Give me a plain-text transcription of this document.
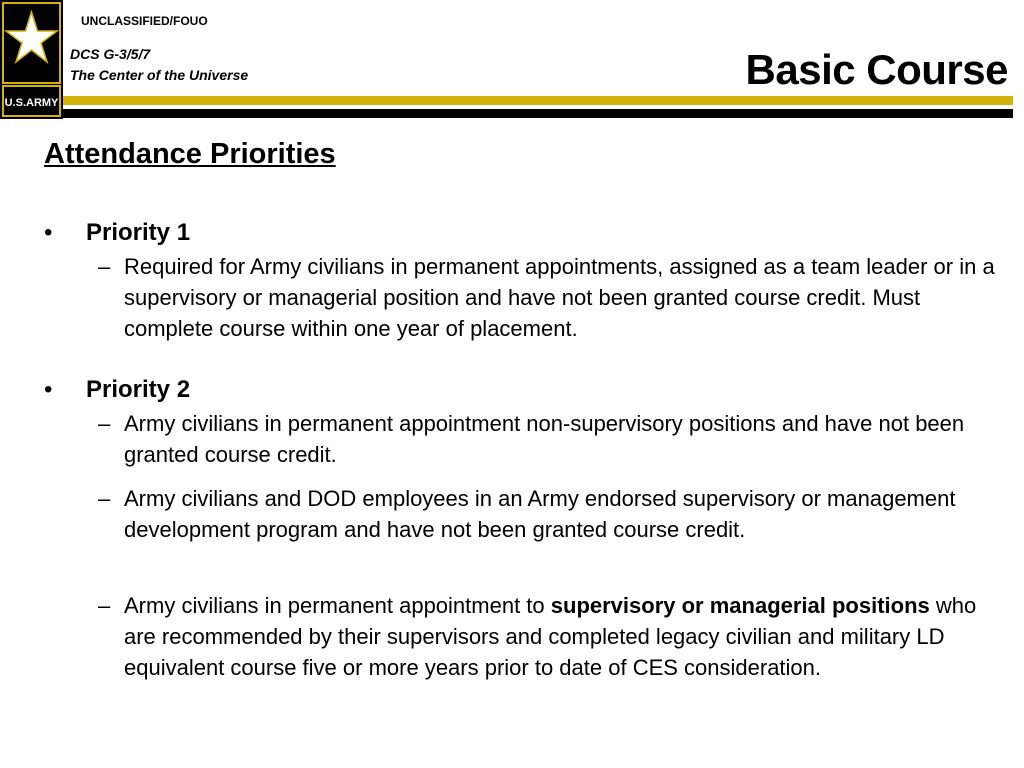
U.S.ARMY
UNCLASSIFIED/FOUO
DCS G-3/5/7
The Center of the Universe	Basic Course
Attendance Priorities
• Priority 1
– Required for Army civilians in permanent appointments, assigned as a team leader or in a supervisory or managerial position and have not been granted course credit. Must complete course within one year of placement.
• Priority 2
– Army civilians in permanent appointment non-supervisory positions and have not been granted course credit.
– Army civilians and DOD employees in an Army endorsed supervisory or management development program and have not been granted course credit.
– Army civilians in permanent appointment to supervisory or managerial positions who are recommended by their supervisors and completed legacy civilian and military LD equivalent course five or more years prior to date of CES consideration.
